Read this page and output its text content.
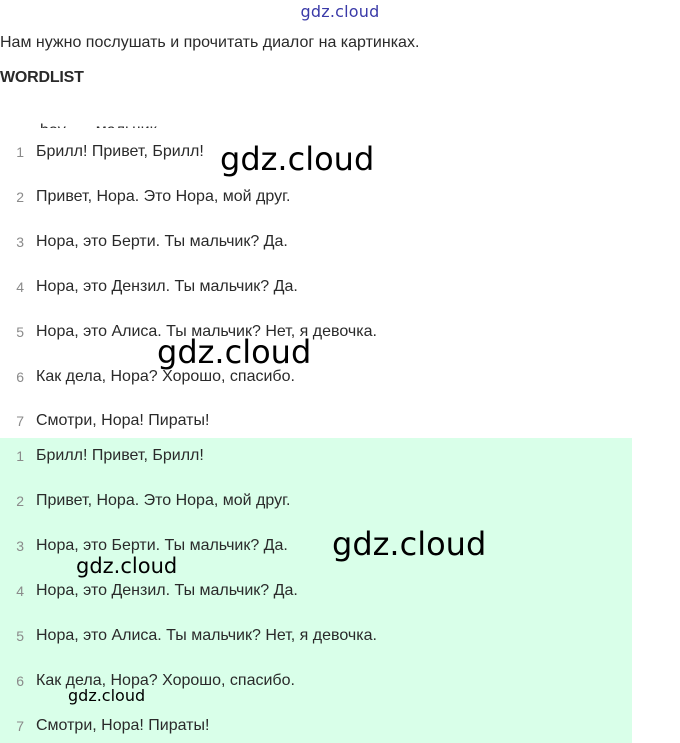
gdz.cloud
Нам нужно послушать и прочитать диалог на картинках.
WORDLIST
1 Брилл! Привет, Брилл!
2 Привет, Нора. Это Нора, мой друг.
3 Нора, это Берти. Ты мальчик? Да.
4 Нора, это Дензил. Ты мальчик? Да.
5 Нора, это Алиса. Ты мальчик? Нет, я девочка.
6 Как дела, Нора? Хорошо, спасибо.
7 Смотри, Нора! Пираты!
1 Брилл! Привет, Брилл!
2 Привет, Нора. Это Нора, мой друг.
3 Нора, это Берти. Ты мальчик? Да.
4 Нора, это Дензил. Ты мальчик? Да.
5 Нора, это Алиса. Ты мальчик? Нет, я девочка.
6 Как дела, Нора? Хорошо, спасибо.
7 Смотри, Нора! Пираты!
gdz.cloud
gdz.cloud
gdz.cloud
gdz.cloud
gdz.cloud
